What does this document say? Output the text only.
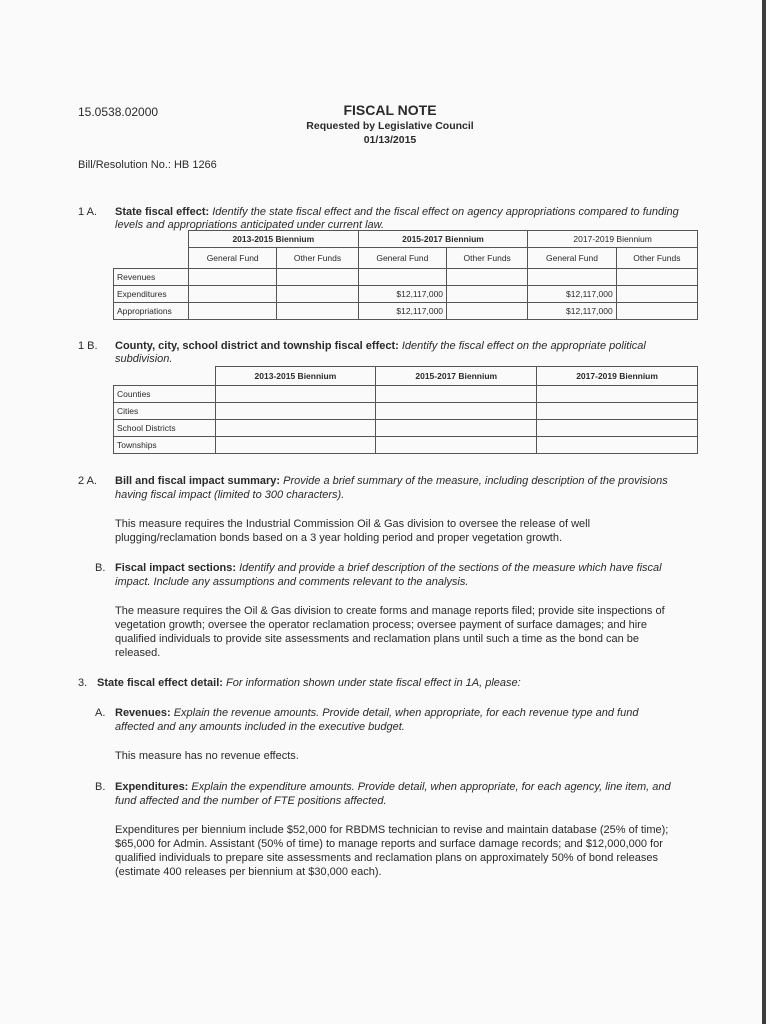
15.0538.02000	FISCAL NOTE
Requested by Legislative Council
01/13/2015
Bill/Resolution No.: HB 1266
1 A. State fiscal effect: Identify the state fiscal effect and the fiscal effect on agency appropriations compared to funding
levels and appropriations anticipated under current law.
	2013-2015 Biennium		2015-2017 Biennium		2017-2019 Biennium	
	General Fund	Other Funds	General Fund	Other Funds	General Fund	Other Funds
Revenues						
Expenditures			$12,117,000		$12,117,000	
Appropriations			$12,117,000		$12,117,000	
1 B. County, city, school district and township fiscal effect: Identify the fiscal effect on the appropriate political
subdivision.
	2013-2015 Biennium	2015-2017 Biennium	2017-2019 Biennium
Counties			
Cities			
School Districts			
Townships			
2 A. Bill and fiscal impact summary: Provide a brief summary of the measure, including description of the provisions
having fiscal impact (limited to 300 characters).
This measure requires the Industrial Commission Oil & Gas division to oversee the release of well
plugging/reclamation bonds based on a 3 year holding period and proper vegetation growth.
B. Fiscal impact sections: Identify and provide a brief description of the sections of the measure which have fiscal
impact. Include any assumptions and comments relevant to the analysis.
The measure requires the Oil & Gas division to create forms and manage reports filed; provide site inspections of
vegetation growth; oversee the operator reclamation process; oversee payment of surface damages; and hire
qualified individuals to provide site assessments and reclamation plans until such a time as the bond can be
released.
3. State fiscal effect detail: For information shown under state fiscal effect in 1A, please:
A. Revenues: Explain the revenue amounts. Provide detail, when appropriate, for each revenue type and fund
affected and any amounts included in the executive budget.
This measure has no revenue effects.
B. Expenditures: Explain the expenditure amounts. Provide detail, when appropriate, for each agency, line item, and
fund affected and the number of FTE positions affected.
Expenditures per biennium include $52,000 for RBDMS technician to revise and maintain database (25% of time);
$65,000 for Admin. Assistant (50% of time) to manage reports and surface damage records; and $12,000,000 for
qualified individuals to prepare site assessments and reclamation plans on approximately 50% of bond releases
(estimate 400 releases per biennium at $30,000 each).
